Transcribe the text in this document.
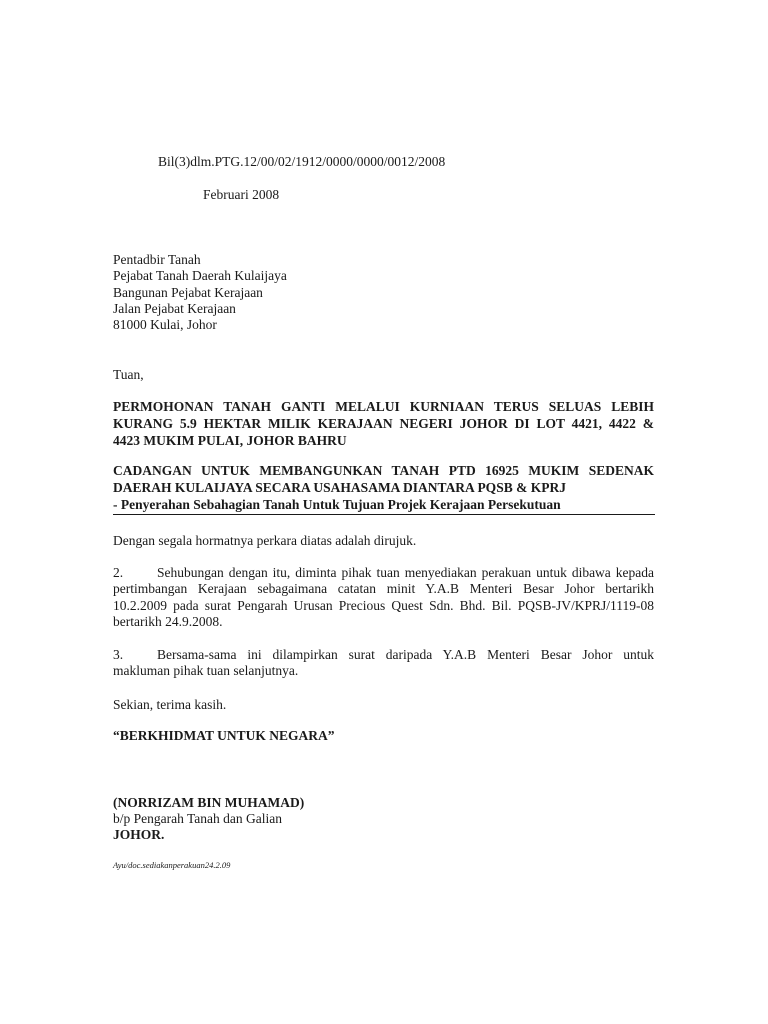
Bil(3)dlm.PTG.12/00/02/1912/0000/0000/0012/2008
Februari 2008
Pentadbir Tanah
Pejabat Tanah Daerah Kulaijaya
Bangunan Pejabat Kerajaan
Jalan Pejabat Kerajaan
81000 Kulai, Johor
Tuan,
PERMOHONAN TANAH GANTI MELALUI KURNIAAN TERUS SELUAS LEBIH
KURANG 5.9 HEKTAR MILIK KERAJAAN NEGERI JOHOR DI LOT 4421, 4422 &
4423 MUKIM PULAI, JOHOR BAHRU
CADANGAN UNTUK MEMBANGUNKAN TANAH PTD 16925 MUKIM SEDENAK
DAERAH KULAIJAYA SECARA USAHASAMA DIANTARA PQSB & KPRJ
- Penyerahan Sebahagian Tanah Untuk Tujuan Projek Kerajaan Persekutuan
Dengan segala hormatnya perkara diatas adalah dirujuk.
2.	Sehubungan dengan itu, diminta pihak tuan menyediakan perakuan untuk dibawa kepada
pertimbangan Kerajaan sebagaimana catatan minit Y.A.B Menteri Besar Johor bertarikh
10.2.2009 pada surat Pengarah Urusan Precious Quest Sdn. Bhd. Bil. PQSB-JV/KPRJ/1119-08
bertarikh 24.9.2008.
3.	Bersama-sama ini dilampirkan surat daripada Y.A.B Menteri Besar Johor untuk
makluman pihak tuan selanjutnya.
Sekian, terima kasih.
“BERKHIDMAT UNTUK NEGARA”
(NORRIZAM BIN MUHAMAD)
b/p Pengarah Tanah dan Galian
JOHOR.
Ayu/doc.sediakanperakuan24.2.09
